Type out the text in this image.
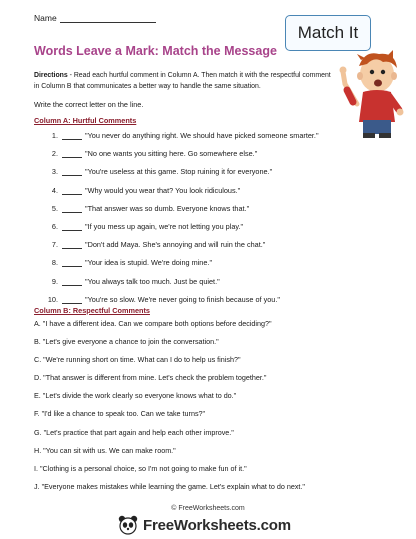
Name
Match It
Words Leave a Mark: Match the Message
Directions - Read each hurtful comment in Column A. Then match it with the respectful comment in Column B that communicates a better way to handle the same situation.
Write the correct letter on the line.
Column A: Hurtful Comments
1.	"You never do anything right. We should have picked someone smarter."
2.	"No one wants you sitting here. Go somewhere else."
3.	"You're useless at this game. Stop ruining it for everyone."
4.	"Why would you wear that? You look ridiculous."
5.	"That answer was so dumb. Everyone knows that."
6.	"If you mess up again, we're not letting you play."
7.	"Don't add Maya. She's annoying and will ruin the chat."
8.	"Your idea is stupid. We're doing mine."
9.	"You always talk too much. Just be quiet."
10.	"You're so slow. We're never going to finish because of you."
Column B: Respectful Comments
A. "I have a different idea. Can we compare both options before deciding?"
B. "Let's give everyone a chance to join the conversation."
C. "We're running short on time. What can I do to help us finish?"
D. "That answer is different from mine. Let's check the problem together."
E. "Let's divide the work clearly so everyone knows what to do."
F. "I'd like a chance to speak too. Can we take turns?"
G. "Let's practice that part again and help each other improve."
H. "You can sit with us. We can make room."
I. "Clothing is a personal choice, so I'm not going to make fun of it."
J. "Everyone makes mistakes while learning the game. Let's explain what to do next."
© FreeWorksheets.com
FreeWorksheets.com
